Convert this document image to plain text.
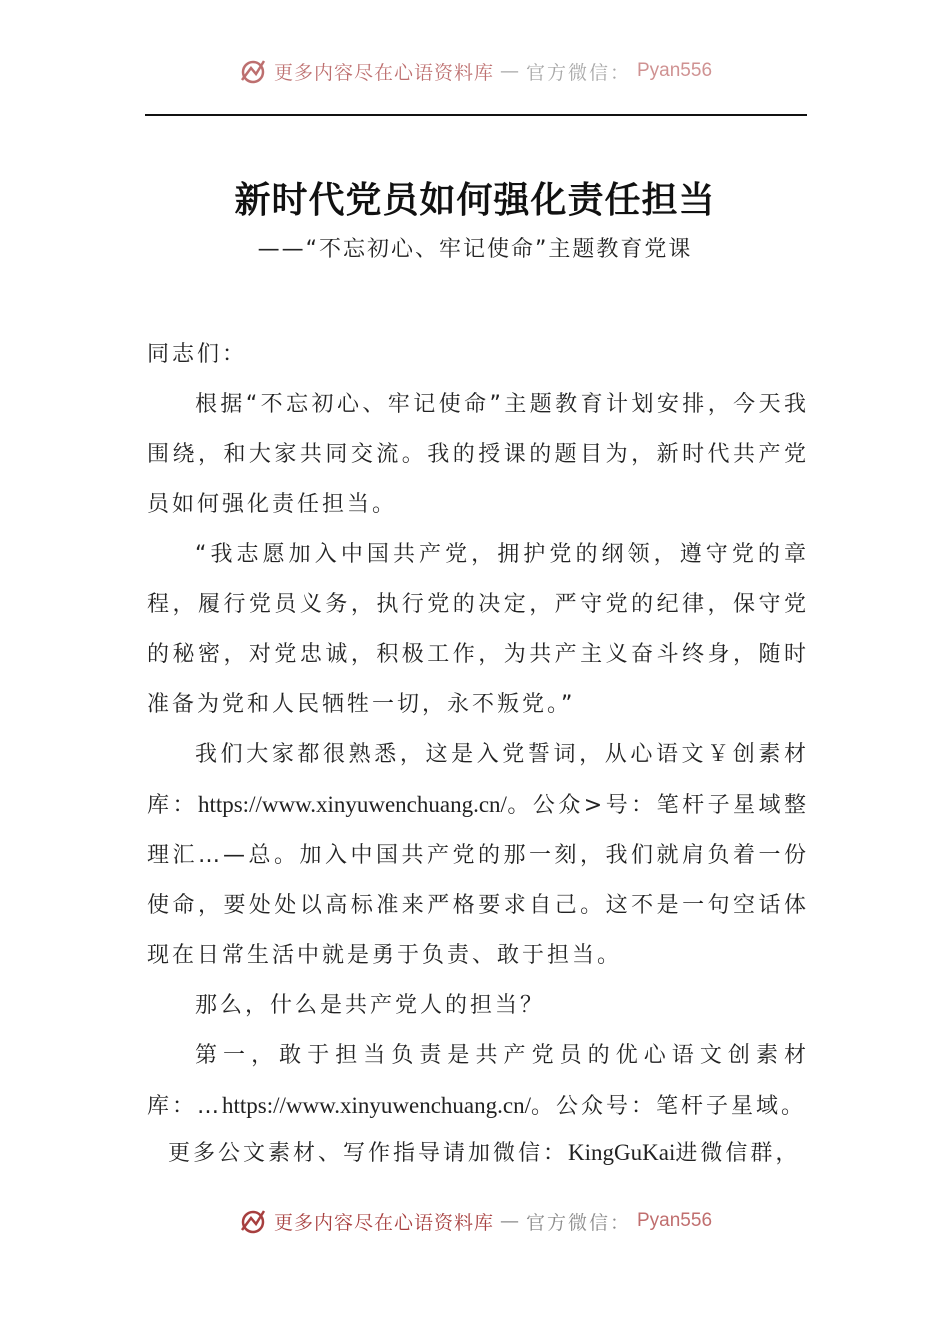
更多内容尽在心语资料库 — 官方微信： Pyan556
新时代党员如何强化责任担当
——“不忘初心、牢记使命”主题教育党课

同志们：

根据“不忘初心、牢记使命”主题教育计划安排，今天我围绕，和大家共同交流。我的授课的题目为，新时代共产党员如何强化责任担当。

“我志愿加入中国共产党，拥护党的纲领，遵守党的章程，履行党员义务，执行党的决定，严守党的纪律，保守党的秘密，对党忠诚，积极工作，为共产主义奋斗终身，随时准备为党和人民牺牲一切，永不叛党。”

我们大家都很熟悉，这是入党誓词，从心语文￥创素材库：https://www.xinyuwenchuang.cn/。公众>号：笔杆子星域整理汇…—总。加入中国共产党的那一刻，我们就肩负着一份使命，要处处以高标准来严格要求自己。这不是一句空话体现在日常生活中就是勇于负责、敢于担当。

那么，什么是共产党人的担当？

第一，敢于担当负责是共产党员的优心语文创素材库：…https://www.xinyuwenchuang.cn/。公众号：笔杆子星域。

更多公文素材、写作指导请加微信：KingGuKai进微信群，
更多内容尽在心语资料库 — 官方微信： Pyan556
